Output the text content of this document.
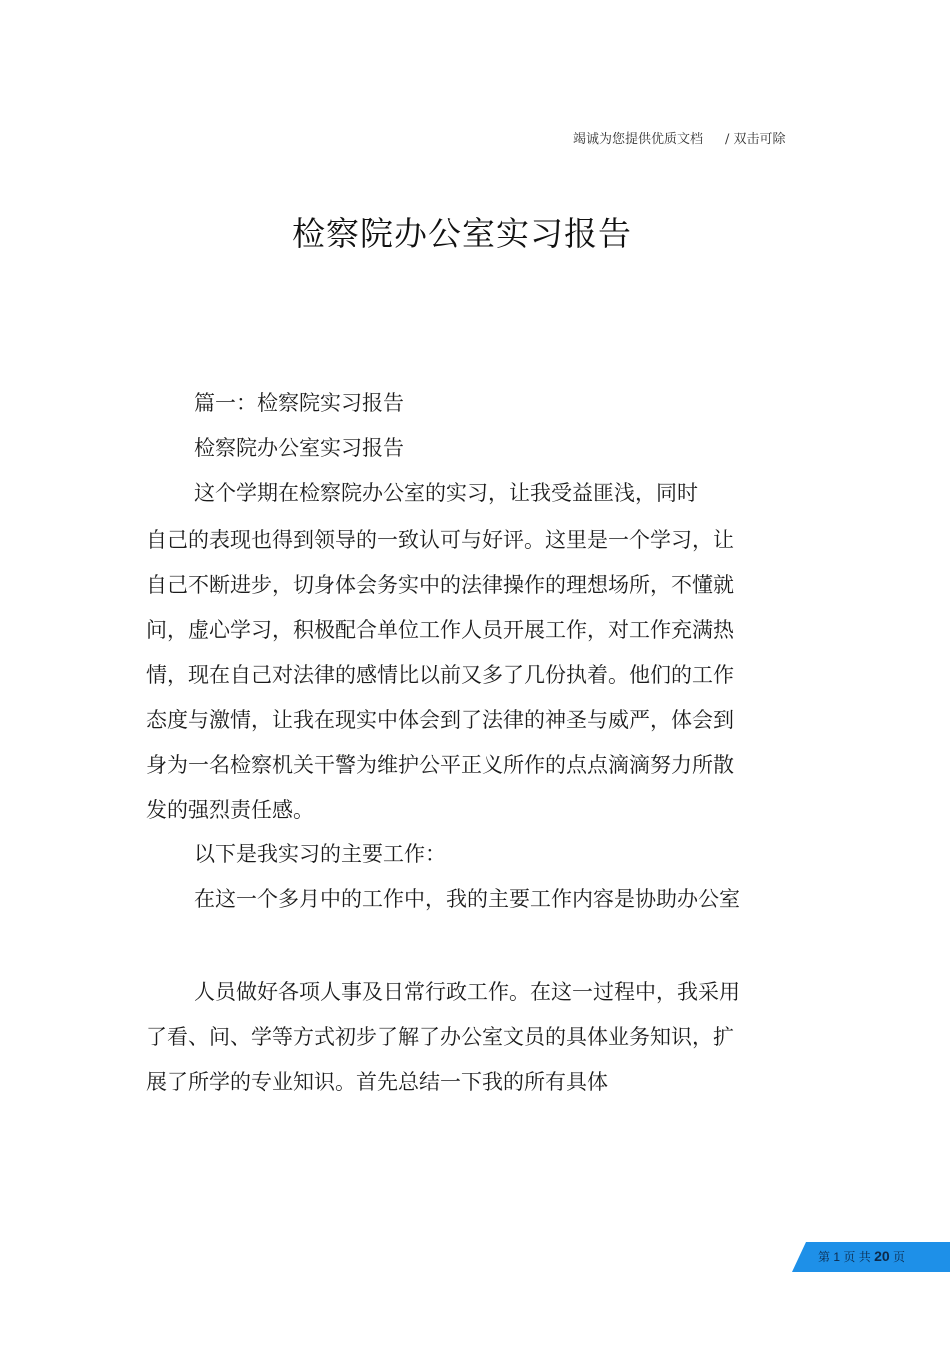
竭诚为您提供优质文档 / 双击可除
检察院办公室实习报告

篇一：检察院实习报告

检察院办公室实习报告

这个学期在检察院办公室的实习，让我受益匪浅，同时

自己的表现也得到领导的一致认可与好评。这里是一个学习，让自己不断进步，切身体会务实中的法律操作的理想场所，不懂就问，虚心学习，积极配合单位工作人员开展工作，对工作充满热情，现在自己对法律的感情比以前又多了几份执着。他们的工作态度与激情，让我在现实中体会到了法律的神圣与威严，体会到身为一名检察机关干警为维护公平正义所作的点点滴滴努力所散发的强烈责任感。

以下是我实习的主要工作：

在这一个多月中的工作中，我的主要工作内容是协助办公室

人员做好各项人事及日常行政工作。在这一过程中，我采用了看、问、学等方式初步了解了办公室文员的具体业务知识，扩展了所学的专业知识。首先总结一下我的所有具体

第 1 页 共 20 页
